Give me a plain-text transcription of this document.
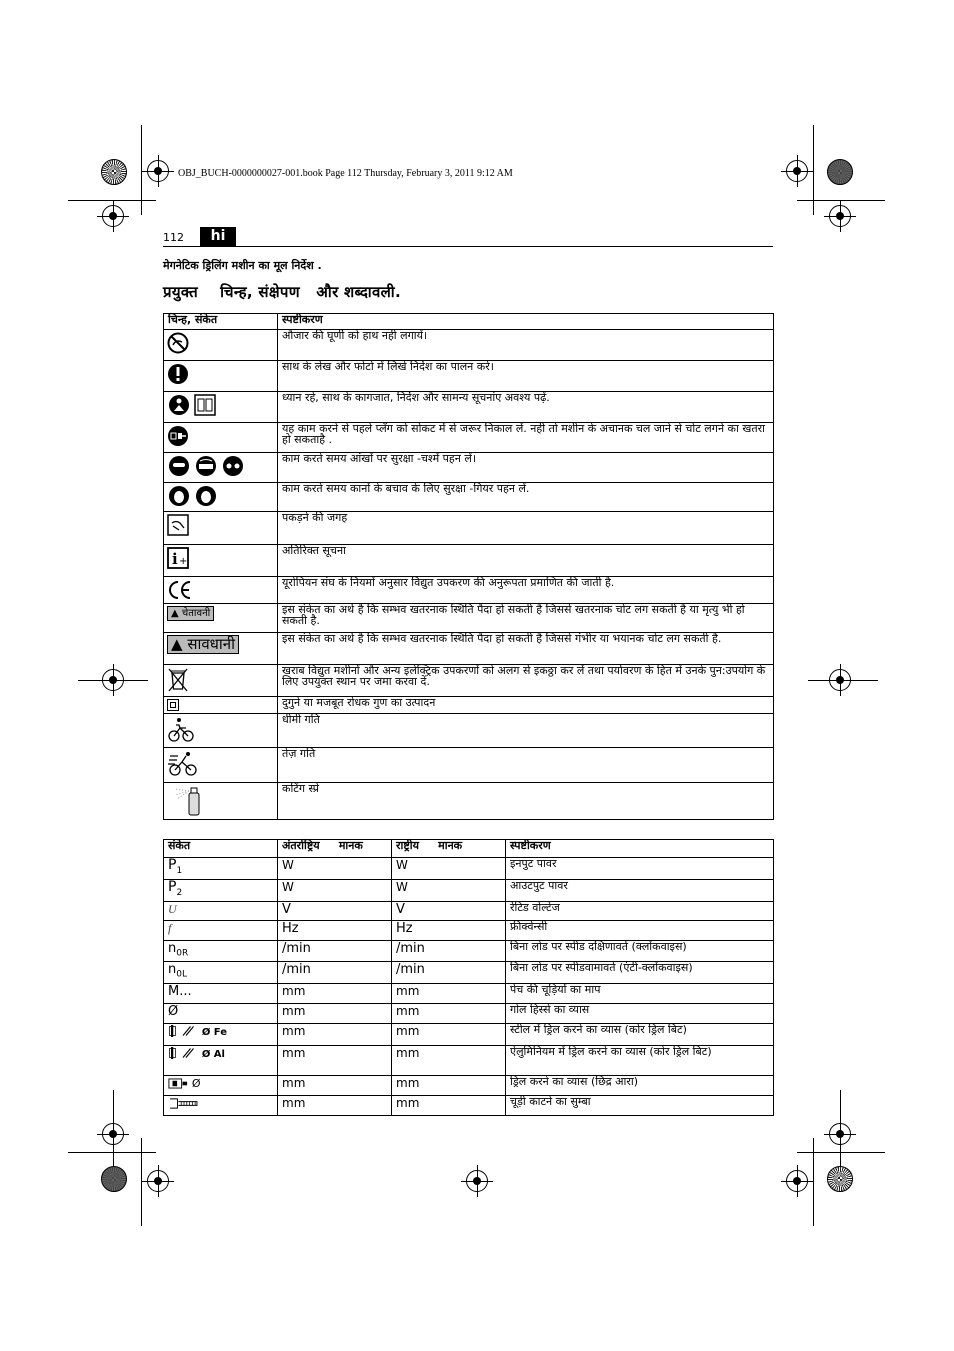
OBJ_BUCH-0000000027-001.book Page 112 Thursday, February 3, 2011 9:12 AM
112	hi
मेगनेटिक ड्रिलिंग मशीन का मूल निर्देश .
प्रयुक्त    चिन्ह, संक्षेपण   और शब्दावली.
चिन्ह, संकेत	स्पष्टीकरण
	औजार की घूर्णी को हाथ नही लगायें।
	साथ के लेख और फोटो में लिखे निर्देश का पालन करे।
	ध्यान रहे, साथ के कागजात, निर्देश और सामन्य सूचनांए अवश्य पढ़ें.
	यह काम करने से पहले प्लॅग को सोकट में से जरूर निकाल लें. नही तो मशीन के अचानक चल जाने से चोट लगने का खतरा हो सकताहै .
	काम करते समय आंखों पर सुरक्षा -चश्में पहन लें।
	काम करते समय कानों के बचाव के लिए सुरक्षा -गियर पहन लें.
	पकड़ने की जगह

i +	अतिरिक्त सूचना
	यूरोपियन संघ के नियमों अनुसार विद्युत उपकरण की अनुरूपता प्रमाणित की जाती है.
▲ चेतावनी	इस संकेत का अर्थ है कि सम्भव खतरनाक स्थिति पैदा हो सकती है जिससे खतरनाक चोट लग सकती है या मृत्यु भी हो सकती है.
▲ सावधानी	इस संकेत का अर्थ है कि सम्भव खतरनाक स्थिति पैदा हो सकती है जिससे गंभीर या भयानक चोट लग सकती है.
	खराब विद्युत मशीनों और अन्य इलेक्ट्रिक उपकरणों को अलग से इकठ्ठा कर लें तथा पर्यावरण के हित में उनके पुन:उपयोग के लिए उपयुक्त स्थान पर जमा करवा दें.
	दुगुने या मजबूत रोधक गुण का उत्पादन
	धीमी गति
	तेज़ गति
	कटिंग स्प्रे
संकेत	अंतर्राष्ट्रिय     मानक	राष्ट्रीय     मानक	स्पष्टीकरण
$P_1$	W	W	इनपुट पावर
$P_2$	W	W	आउटपुट पावर
U	V	V	रेटिड वोल्टेज
f	Hz	Hz	फ्रीक्वेन्सी
$n_{0R}$	/min	/min	बिना लोड पर स्पीड दक्षिणावर्त (क्लोंकवाइस)
$n_{0L}$	/min	/min	बिना लोड पर स्पीडवामावर्त (एंटी-क्लोंकवाइस)
M...	mm	mm	पेच की चूड़ियों का माप
Ø	mm	mm	गोल हिस्से का व्यास
Ø Fe	mm	mm	स्टील में ड्रिल करने का व्यास (कोर ड्रिल बिट)
Ø Al	mm	mm	ऐलुमिनियम में ड्रिल करने का व्यास (कोर ड्रिल बिट)
Ø	mm	mm	ड्रिल करने का व्यास (छिद्र आरा)
	mm	mm	चूड़ी काटने का सुम्बा
